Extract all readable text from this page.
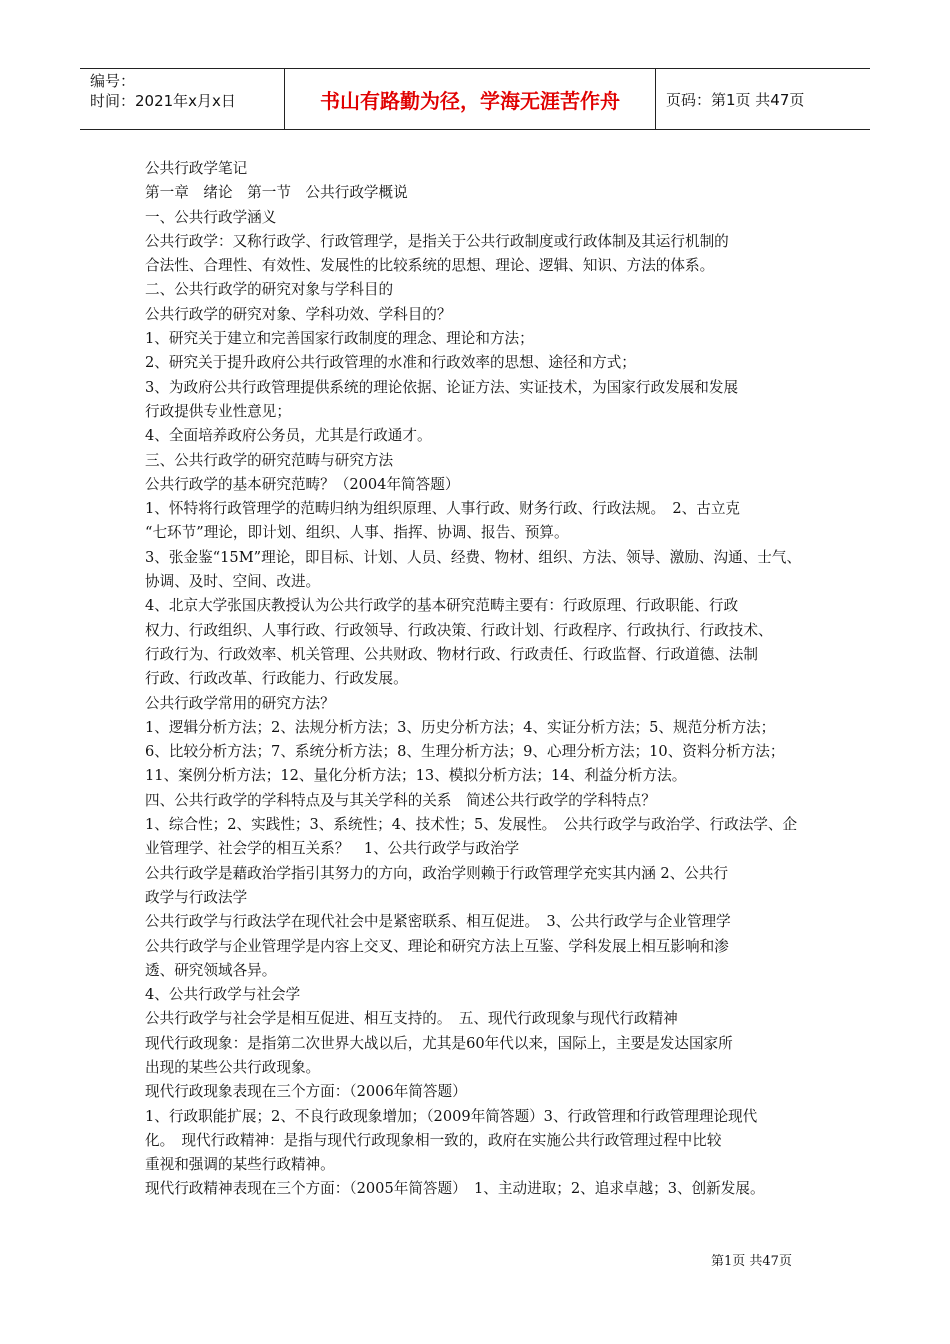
编号：
时间：2021年x月x日	书山有路勤为径，学海无涯苦作舟	页码：第1页 共47页
公共行政学笔记
第一章　绪论　第一节　公共行政学概说
一、公共行政学涵义
公共行政学：又称行政学、行政管理学，是指关于公共行政制度或行政体制及其运行机制的
合法性、合理性、有效性、发展性的比较系统的思想、理论、逻辑、知识、方法的体系。
二、公共行政学的研究对象与学科目的
公共行政学的研究对象、学科功效、学科目的？
1、研究关于建立和完善国家行政制度的理念、理论和方法；
2、研究关于提升政府公共行政管理的水准和行政效率的思想、途径和方式；
3、为政府公共行政管理提供系统的理论依据、论证方法、实证技术，为国家行政发展和发展
行政提供专业性意见；
4、全面培养政府公务员，尤其是行政通才。
三、公共行政学的研究范畴与研究方法
公共行政学的基本研究范畴？（2004年简答题）
1、怀特将行政管理学的范畴归纳为组织原理、人事行政、财务行政、行政法规。　2、古立克
“七环节”理论，即计划、组织、人事、指挥、协调、报告、预算。
3、张金鉴“15M”理论，即目标、计划、人员、经费、物材、组织、方法、领导、激励、沟通、士气、
协调、及时、空间、改进。
4、北京大学张国庆教授认为公共行政学的基本研究范畴主要有：行政原理、行政职能、行政
权力、行政组织、人事行政、行政领导、行政决策、行政计划、行政程序、行政执行、行政技术、
行政行为、行政效率、机关管理、公共财政、物材行政、行政责任、行政监督、行政道德、法制
行政、行政改革、行政能力、行政发展。
公共行政学常用的研究方法？
1、逻辑分析方法；2、法规分析方法；3、历史分析方法；4、实证分析方法；5、规范分析方法；
6、比较分析方法；7、系统分析方法；8、生理分析方法；9、心理分析方法；10、资料分析方法；
11、案例分析方法；12、量化分析方法；13、模拟分析方法；14、利益分析方法。
四、公共行政学的学科特点及与其关学科的关系　简述公共行政学的学科特点？
1、综合性；2、实践性；3、系统性；4、技术性；5、发展性。　公共行政学与政治学、行政法学、企
业管理学、社会学的相互关系？　1、公共行政学与政治学
公共行政学是藉政治学指引其努力的方向，政治学则赖于行政管理学充实其内涵 2、公共行
政学与行政法学
公共行政学与行政法学在现代社会中是紧密联系、相互促进。　3、公共行政学与企业管理学
公共行政学与企业管理学是内容上交叉、理论和研究方法上互鉴、学科发展上相互影响和渗
透、研究领域各异。
4、公共行政学与社会学
公共行政学与社会学是相互促进、相互支持的。　五、现代行政现象与现代行政精神
现代行政现象：是指第二次世界大战以后，尤其是60年代以来，国际上，主要是发达国家所
出现的某些公共行政现象。
现代行政现象表现在三个方面：（2006年简答题）
1、行政职能扩展；2、不良行政现象增加；（2009年简答题）3、行政管理和行政管理理论现代
化。　现代行政精神：是指与现代行政现象相一致的，政府在实施公共行政管理过程中比较
重视和强调的某些行政精神。
现代行政精神表现在三个方面：（2005年简答题）　1、主动进取；2、追求卓越；3、创新发展。
第1页 共47页
